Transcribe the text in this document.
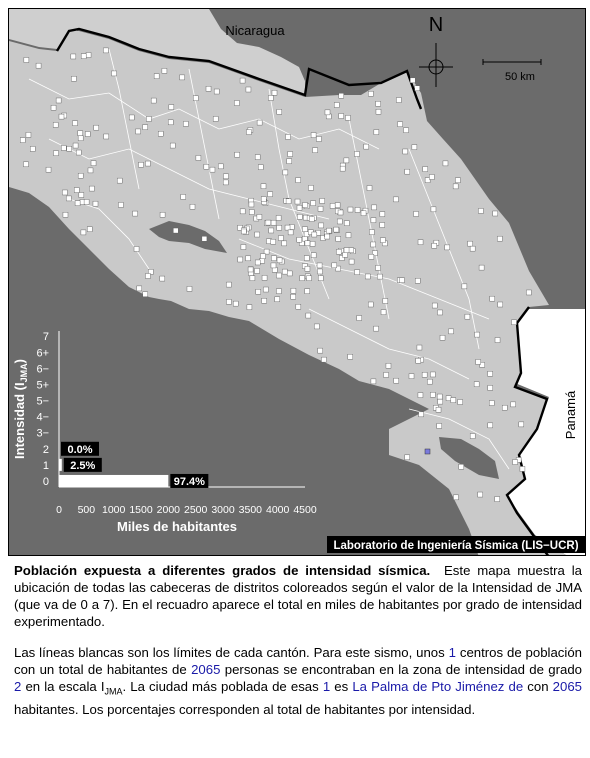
N
50 km
Nicaragua
Panamá
0
1
2
3−
4−
5−
5+
6−
6+
7
0 500 1000 1500 2000 2500 3000 3500 4000 4500
97.4%
2.5%
0.0%
Miles de habitantes
Intensidad $(I_{JMA})$
Laboratorio de Ingeniería Sísmica (LIS−UCR)

Población expuesta a diferentes grados de intensidad sísmica. Este mapa muestra la ubicación de todas las cabeceras de distritos coloreados según el valor de la Intensidad de JMA (que va de 0 a 7). En el recuadro aparece el total en miles de habitantes por grado de intensidad experimentado.

Las líneas blancas son los límites de cada cantón. Para este sismo, unos 1 centros de población con un total de habitantes de 2065 personas se encontraban en la zona de intensidad de grado 2 en la escala $I_{JMA}$. La ciudad más poblada de esas 1 es La Palma de Pto Jiménez de con 2065 habitantes. Los porcentajes corresponden al total de habitantes por intensidad.
